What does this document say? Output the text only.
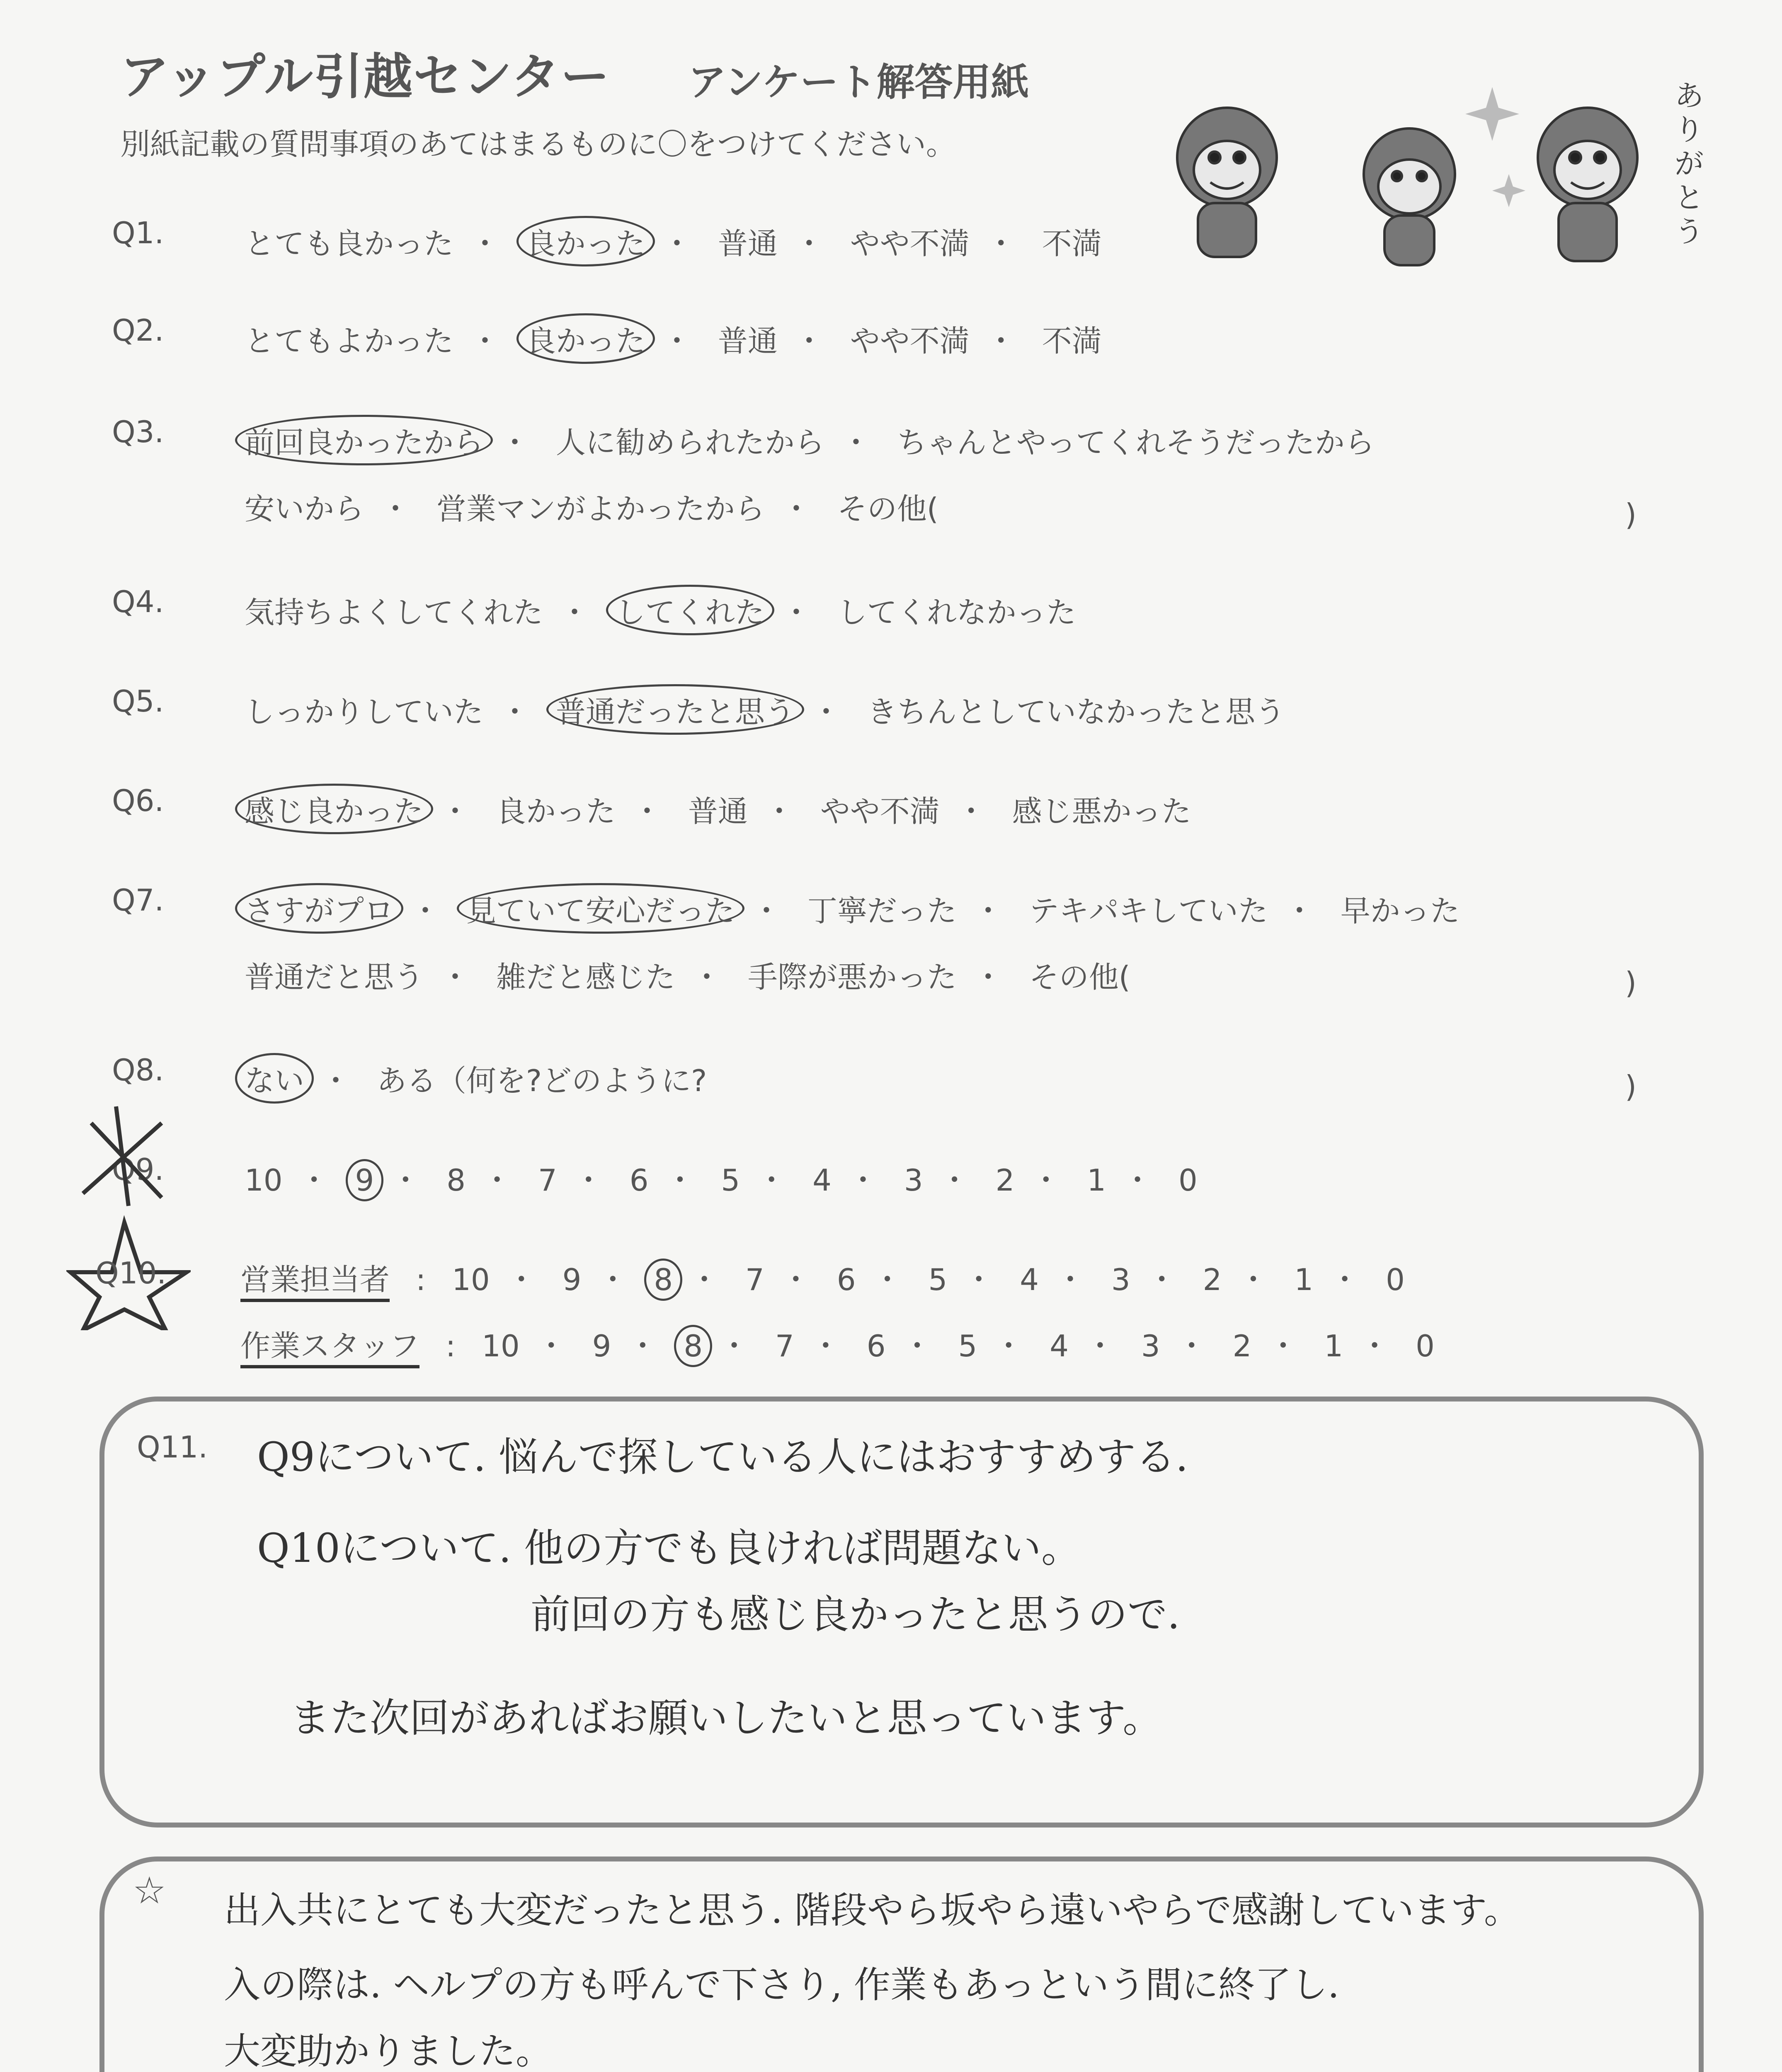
アップル引越センター アンケート解答用紙
別紙記載の質問事項のあてはまるものに〇をつけてください。
ありがとう
Q1.	とても良かった ・ 良かった ・ 普通 ・ やや不満 ・ 不満
Q2.	とてもよかった ・ 良かった ・ 普通 ・ やや不満 ・ 不満
Q3.	前回良かったから ・ 人に勧められたから ・ ちゃんとやってくれそうだったから
安いから ・ 営業マンがよかったから ・ その他(	)
Q4.	気持ちよくしてくれた ・ してくれた ・ してくれなかった
Q5.	しっかりしていた ・ 普通だったと思う ・ きちんとしていなかったと思う
Q6.	感じ良かった ・ 良かった ・ 普通 ・ やや不満 ・ 感じ悪かった
Q7.	さすがプロ ・ 見ていて安心だった ・ 丁寧だった ・ テキパキしていた ・ 早かった
普通だと思う ・ 雑だと感じた ・ 手際が悪かった ・ その他(	)
Q8.	ない ・ ある（何を?どのように?	)
Q9.	10 ・ 9 ・ 8 ・ 7 ・ 6 ・ 5 ・ 4 ・ 3 ・ 2 ・ 1 ・ 0
Q10. 営業担当者 : 10 ・ 9 ・ 8 ・ 7 ・ 6 ・ 5 ・ 4 ・ 3 ・ 2 ・ 1 ・ 0
作業スタッフ : 10 ・ 9 ・ 8 ・ 7 ・ 6 ・ 5 ・ 4 ・ 3 ・ 2 ・ 1 ・ 0
Q11. Q9について. 悩んで探している人にはおすすめする.
Q10について. 他の方でも良ければ問題ない。
前回の方も感じ良かったと思うので.
また次回があればお願いしたいと思っています。
☆ 出入共にとても大変だったと思う. 階段やら坂やら遠いやらで感謝しています。
入の際は. ヘルプの方も呼んで下さり, 作業もあっという間に終了し.
大変助かりました。
